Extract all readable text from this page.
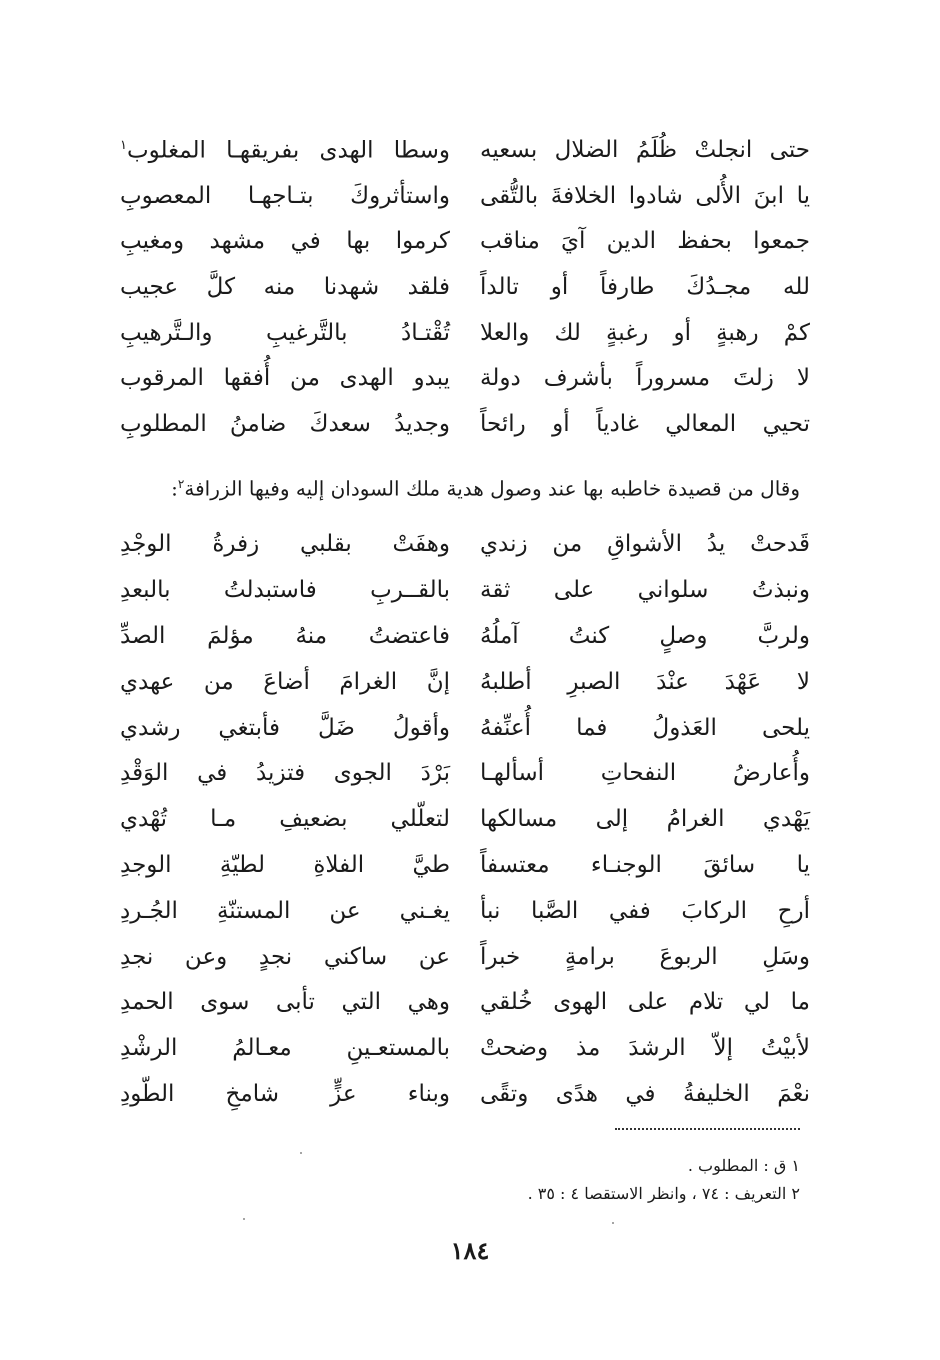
حتى انجلتْ ظُلَمُ الضلال بسعيه
وسطا الهدى بفريقهـا المغلوب$^١$
يا ابنَ الأُلى شادوا الخلافةَ بالتُّقى
واستأثروكَ بتـاجهـا المعصوبِ
جمعوا بحفظ الدين آيَ مناقب
كرموا بها في مشهد ومغيبِ
لله مجـدُكَ طارفاً أو تالداً
فلقد شهدنا منه كلَّ عجيب
كمْ رهبةٍ أو رغبةٍ لك والعلا
تُقْتـادُ بالتَّرغيبِ والـتَّرهيبِ
لا زلتَ مسروراً بأشرف دولة
يبدو الهدى من أُفقها المرقوب
تحيي المعالي غادياً أو رائحاً
وجديدُ سعدكَ ضامنُ المطلوبِ
وقال من قصيدة خاطبه بها عند وصول هدية ملك السودان إليه وفيها الزرافة$^٢$:
قَدحتْ يدُ الأشواقِ من زندي
وهفَتْ بقلبي زفرةُ الوجْدِ
ونبذتُ سلواني على ثقة
بالقــربِ فاستبدلتُ بالبعدِ
ولربَّ وصلٍ كنتُ آملُهُ
فاعتضتُ منهُ مؤلمَ الصدِّ
لا عَهْدَ عنْدَ الصبرِ أطلبهُ
إنَّ الغرامَ أضاعَ من عهدي
يلحى العَذولُ فما أُعنِّفهُ
وأقولُ ضَلَّ فأبتغي رشدي
وأُعارضُ النفحاتِ أسألهـا
بَرْدَ الجوى فتزيدُ في الوَقْدِ
يَهْدي الغرامُ إلى مسالكها
لتعلّلي بضعيفِ مـا تُهْدي
يا سائقَ الوجنـاء معتسفاً
طيَّ الفلاةِ لطيّةِ الوجدِ
أرحِ الركابَ ففي الصَّبا نبأ
يغـني عن المستنّةِ الجُـردِ
وسَلِ الربوعَ برامةٍ خبراً
عن ساكني نجدٍ وعن نجدِ
ما لي تلام على الهوى خُلقي
وهي التي تأبى سوى الحمدِ
لأبيْتُ إلاّ الرشدَ مذ وضحتْ
بالمستعـينِ معـالمُ الرشْدِ
نعْمَ الخليفةُ في هدًى وتقًى
وبناء عزٍّ شامخِ الطّودِ
١ ق : المطلوب .
٢ التعريف : ٧٤ ، وانظر الاستقصا ٤ : ٣٥ .
١٨٤
